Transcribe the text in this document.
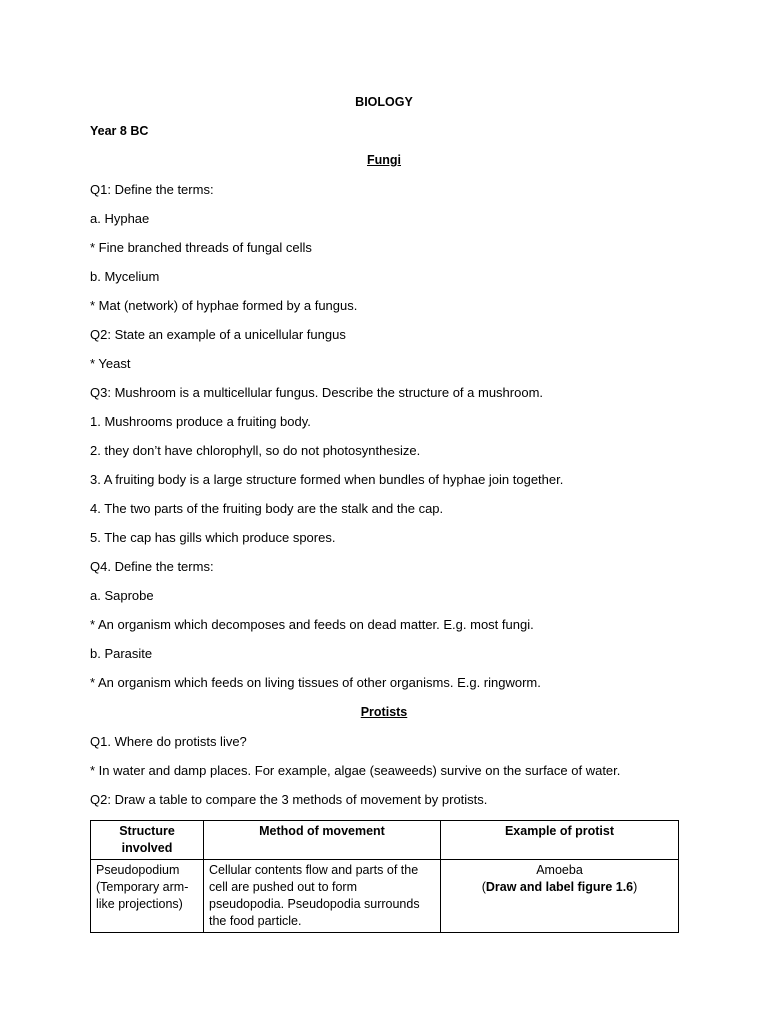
BIOLOGY
Year 8 BC
Fungi
Q1: Define the terms:
a. Hyphae
* Fine branched threads of fungal cells
b. Mycelium
* Mat (network) of hyphae formed by a fungus.
Q2: State an example of a unicellular fungus
* Yeast
Q3: Mushroom is a multicellular fungus. Describe the structure of a mushroom.
1. Mushrooms produce a fruiting body.
2. they don’t have chlorophyll, so do not photosynthesize.
3. A fruiting body is a large structure formed when bundles of hyphae join together.
4. The two parts of the fruiting body are the stalk and the cap.
5. The cap has gills which produce spores.
Q4. Define the terms:
a. Saprobe
* An organism which decomposes and feeds on dead matter. E.g. most fungi.
b. Parasite
* An organism which feeds on living tissues of other organisms. E.g. ringworm.
Protists
Q1. Where do protists live?
* In water and damp places. For example, algae (seaweeds) survive on the surface of water.
Q2: Draw a table to compare the 3 methods of movement by protists.
Structure involved	Method of movement	Example of protist
Pseudopodium (Temporary arm-like projections)	Cellular contents flow and parts of the cell are pushed out to form pseudopodia. Pseudopodia surrounds the food particle.	Amoeba
(Draw and label figure 1.6)
